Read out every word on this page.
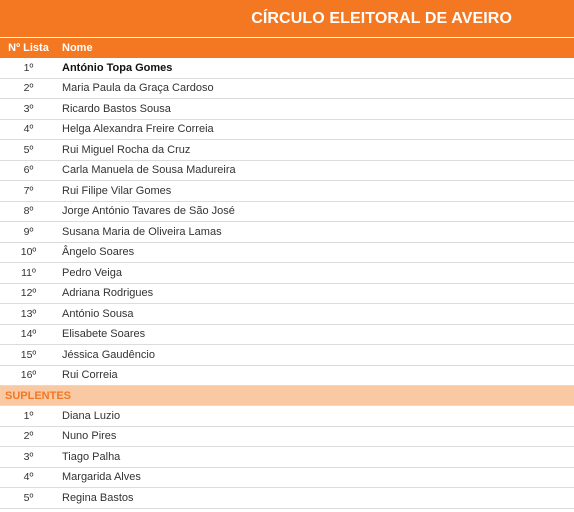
CÍRCULO ELEITORAL DE AVEIRO
Nº Lista	Nome
1º	António Topa Gomes
2º	Maria Paula da Graça Cardoso
3º	Ricardo Bastos Sousa
4º	Helga Alexandra Freire Correia
5º	Rui Miguel Rocha da Cruz
6º	Carla Manuela de Sousa Madureira
7º	Rui Filipe Vilar Gomes
8º	Jorge António Tavares de São José
9º	Susana Maria de Oliveira Lamas
10º	Ângelo Soares
11º	Pedro Veiga
12º	Adriana Rodrigues
13º	António Sousa
14º	Elisabete Soares
15º	Jéssica Gaudêncio
16º	Rui Correia
SUPLENTES
1º	Diana Luzio
2º	Nuno Pires
3º	Tiago Palha
4º	Margarida Alves
5º	Regina Bastos
